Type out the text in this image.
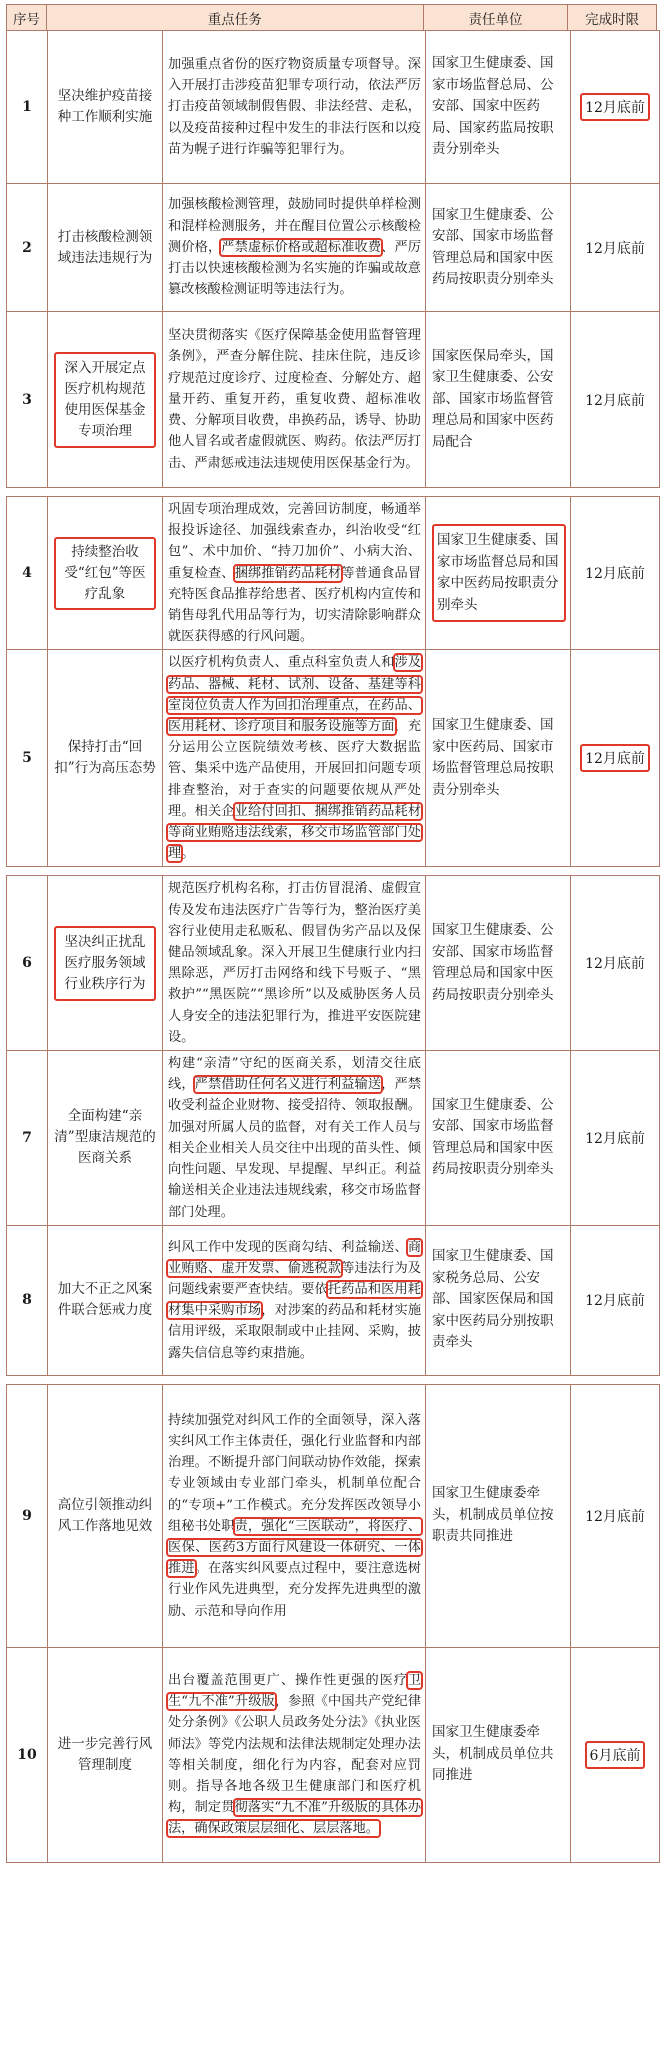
序号	重点任务	责任单位	完成时限
1	坚决维护疫苗接种工作顺利实施	加强重点省份的医疗物资质量专项督导。深入开展打击涉疫苗犯罪专项行动，依法严厉打击疫苗领域制假售假、非法经营、走私，以及疫苗接种过程中发生的非法行医和以疫苗为幌子进行诈骗等犯罪行为。	国家卫生健康委、国家市场监督总局、公安部、国家中医药局、国家药监局按职责分别牵头	12月底前
2	打击核酸检测领域违法违规行为	加强核酸检测管理，鼓励同时提供单样检测和混样检测服务，并在醒目位置公示核酸检测价格，严禁虚标价格或超标准收费、严厉打击以快速核酸检测为名实施的诈骗或故意篡改核酸检测证明等违法行为。	国家卫生健康委、公安部、国家市场监督管理总局和国家中医药局按职责分别牵头	12月底前
3	深入开展定点医疗机构规范使用医保基金专项治理	坚决贯彻落实《医疗保障基金使用监督管理条例》，严查分解住院、挂床住院，违反诊疗规范过度诊疗、过度检查、分解处方、超量开药、重复开药，重复收费、超标准收费、分解项目收费，串换药品，诱导、协助他人冒名或者虚假就医、购药。依法严厉打击、严肃惩戒违法违规使用医保基金行为。	国家医保局牵头，国家卫生健康委、公安部、国家市场监督管理总局和国家中医药局配合	12月底前
4	持续整治收受“红包”等医疗乱象	巩固专项治理成效，完善回访制度，畅通举报投诉途径、加强线索查办，纠治收受“红包”、术中加价、“持刀加价”、小病大治、重复检查、捆绑推销药品耗材等普通食品冒充特医食品推荐给患者、医疗机构内宣传和销售母乳代用品等行为，切实清除影响群众就医获得感的行风问题。	国家卫生健康委、国家市场监督总局和国家中医药局按职责分别牵头	12月底前
5	保持打击“回扣”行为高压态势	以医疗机构负责人、重点科室负责人和涉及药品、器械、耗材、试剂、设备、基建等科室岗位负责人作为回扣治理重点，在药品、医用耗材、诊疗项目和服务设施等方面，充分运用公立医院绩效考核、医疗大数据监管、集采中选产品使用，开展回扣问题专项排查整治，对于查实的问题要依规从严处理。相关企业给付回扣、捆绑推销药品耗材等商业贿赂违法线索，移交市场监管部门处理。	国家卫生健康委、国家中医药局、国家市场监督管理总局按职责分别牵头	12月底前
6	坚决纠正扰乱医疗服务领域行业秩序行为	规范医疗机构名称，打击仿冒混淆、虚假宣传及发布违法医疗广告等行为，整治医疗美容行业使用走私贩私、假冒伪劣产品以及保健品领域乱象。深入开展卫生健康行业内扫黑除恶，严厉打击网络和线下号贩子、“黑救护”“黑医院”“黑诊所”以及威胁医务人员人身安全的违法犯罪行为，推进平安医院建设。	国家卫生健康委、公安部、国家市场监督管理总局和国家中医药局按职责分别牵头	12月底前
7	全面构建“亲清”型康洁规范的医商关系	构建“亲清”守纪的医商关系，划清交往底线，严禁借助任何名义进行利益输送，严禁收受利益企业财物、接受招待、领取报酬。加强对所属人员的监督，对有关工作人员与相关企业相关人员交往中出现的苗头性、倾向性问题、早发现、早提醒、早纠正。利益输送相关企业违法违规线索，移交市场监督部门处理。	国家卫生健康委、公安部、国家市场监督管理总局和国家中医药局按职责分别牵头	12月底前
8	加大不正之风案件联合惩戒力度	纠风工作中发现的医商勾结、利益输送、商业贿赂、虚开发票、偷逃税款等违法行为及问题线索要严查快结。要依托药品和医用耗材集中采购市场，对涉案的药品和耗材实施信用评级，采取限制或中止挂网、采购，披露失信信息等约束措施。	国家卫生健康委、国家税务总局、公安部、国家医保局和国家中医药局分别按职责牵头	12月底前
9	高位引领推动纠风工作落地见效	持续加强党对纠风工作的全面领导，深入落实纠风工作主体责任，强化行业监督和内部治理。不断提升部门间联动协作效能，探索专业领域由专业部门牵头，机制单位配合的“专项+”工作模式。充分发挥医改领导小组秘书处职责，强化“三医联动”，将医疗、医保、医药3方面行风建设一体研究、一体推进。在落实纠风要点过程中，要注意选树行业作风先进典型，充分发挥先进典型的激励、示范和导向作用	国家卫生健康委牵头，机制成员单位按职责共同推进	12月底前
10	进一步完善行风管理制度	出台覆盖范围更广、操作性更强的医疗卫生“九不准”升级版，参照《中国共产党纪律处分条例》《公职人员政务处分法》《执业医师法》等党内法规和法律法规制定处理办法等相关制度，细化行为内容，配套对应罚则。指导各地各级卫生健康部门和医疗机构，制定贯彻落实“九不准”升级版的具体办法，确保政策层层细化、层层落地。	国家卫生健康委牵头，机制成员单位共同推进	6月底前
